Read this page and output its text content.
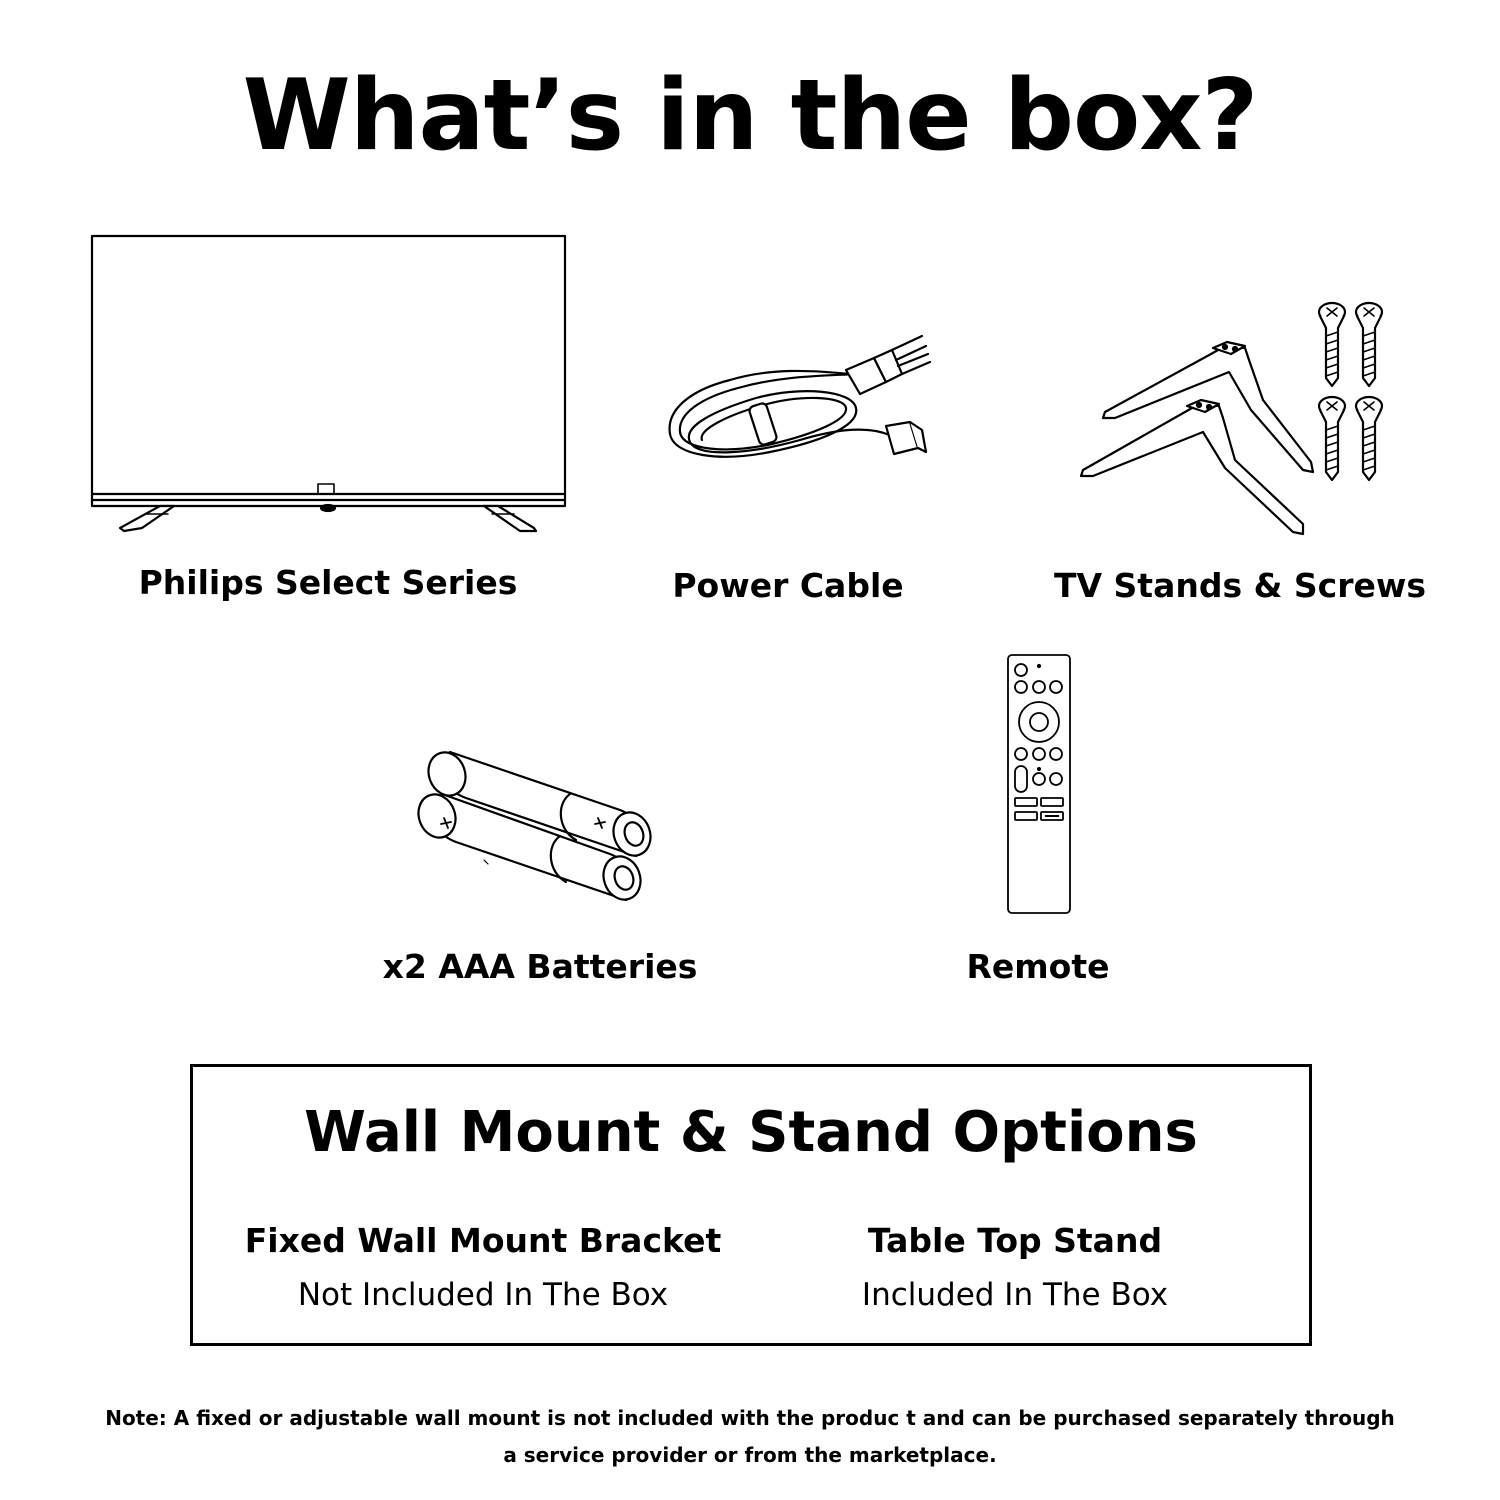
What’s in the box?
Philips Select Series	Power Cable	TV Stands & Screws
x2 AAA Batteries	Remote
Wall Mount & Stand Options
Fixed Wall Mount Bracket
Not Included In The Box
Table Top Stand
Included In The Box
Note: A fixed or adjustable wall mount is not included with the produc t and can be purchased separately through
a service provider or from the marketplace.
